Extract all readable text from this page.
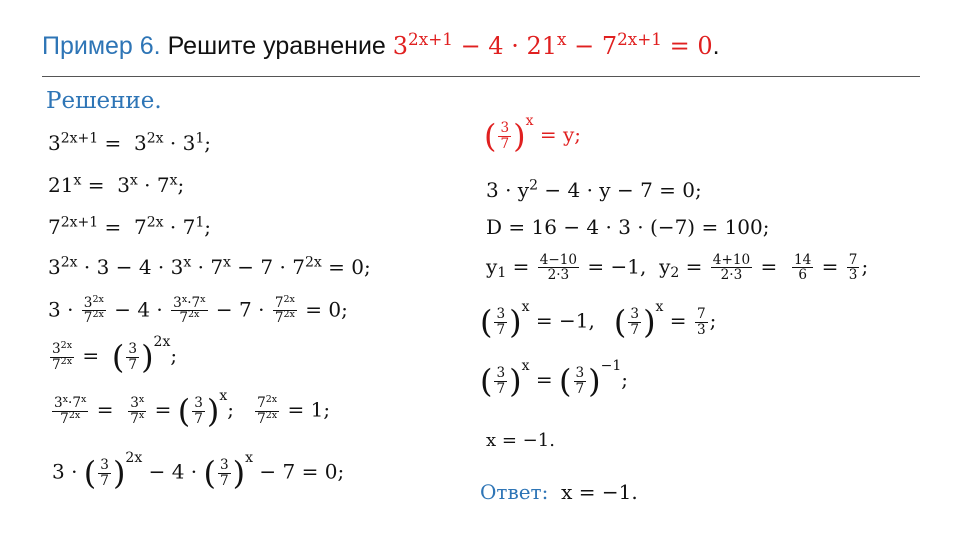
Пример 6. Решите уравнение $3^{2x+1} - 4 \cdot 21^x - 7^{2x+1} = 0$.
Решение.
$3^{2x+1} = 3^{2x} \cdot 3^1$;
$21^x = 3^x \cdot 7^x$;
$7^{2x+1} = 7^{2x} \cdot 7^1$;
$3^{2x} \cdot 3 - 4 \cdot 3^x \cdot 7^x - 7 \cdot 7^{2x} = 0$;
$3 \cdot \frac{3^{2x}}{7^{2x}} - 4 \cdot \frac{3^x\cdot 7^x}{7^{2x}} - 7 \cdot \frac{7^{2x}}{7^{2x}} = 0$;
$\frac{3^{2x}}{7^{2x}}$ =  ( $\frac{3}{7} )2x$;
$\frac{3^x\cdot 7^x}{7^{2x}} = \frac{3^x}{7^x}$ = ( $\frac{3}{7} )x$; $\frac{7^{2x}}{7^{2x}} = 1$;
3 · ( $\frac{3}{7} )2x - 4$ · ( $\frac{3}{7} )x - 7 = 0$;
( $\frac{3}{7} )x = y$;
$3 \cdot y^2 - 4 \cdot y - 7 = 0$;
D = 16 − 4 · 3 · (−7) = 100;
$y_1 = \frac{4-10}{2\cdot 3} = -1$,  $y_2 = \frac{4+10}{2\cdot 3} = \frac{14}{6} = \frac{7}{3}$ ;
( $\frac{3}{7} )x = -1$,   ( $\frac{3}{7} )x = \frac{7}{3}$ ;
( $\frac{3}{7} )x$ = ( $\frac{3}{7} )-1$;
x = −1.
Ответ: x = −1.
